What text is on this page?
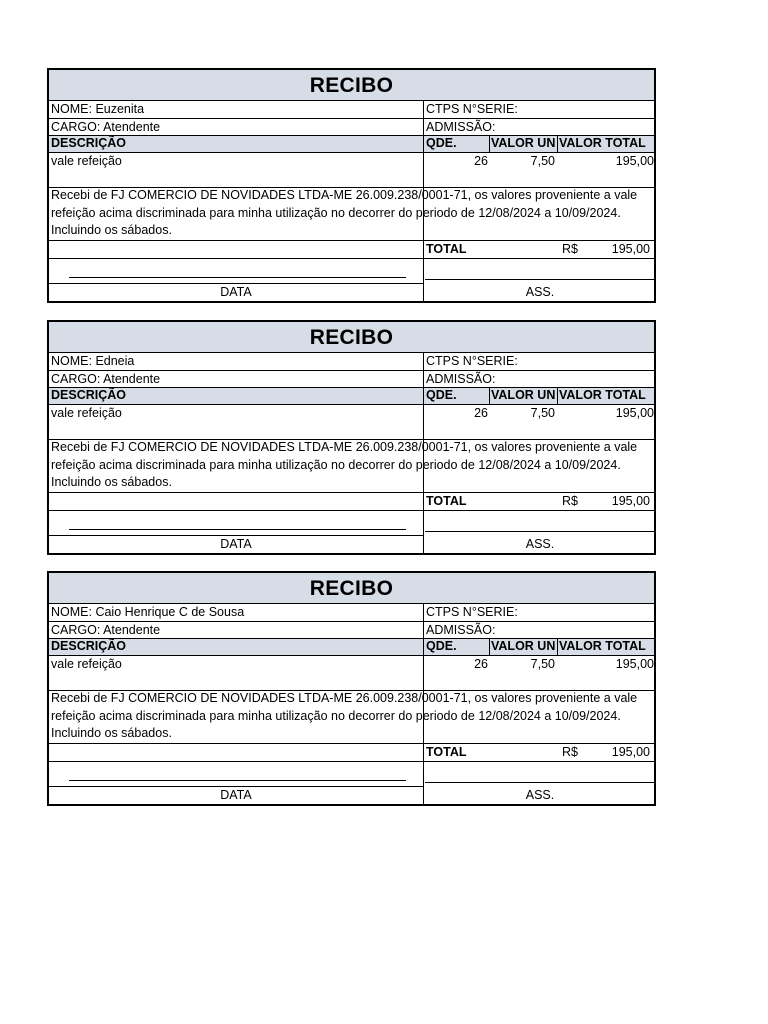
RECIBO
NOME: Euzenita	CTPS N°SERIE:
CARGO: Atendente	ADMISSÃO:
DESCRIÇÃO	QDE.	VALOR UN VALOR TOTAL
vale refeição	26	7,50	195,00
Recebi de FJ COMERCIO DE NOVIDADES LTDA-ME 26.009.238/0001-71, os valores proveniente a vale refeição acima discriminada para minha utilização no decorrer do periodo de 12/08/2024 a 10/09/2024. Incluindo os sábados.
TOTAL	R$	195,00
DATA	ASS.
RECIBO
NOME: Edneia	CTPS N°SERIE:
CARGO: Atendente	ADMISSÃO:
DESCRIÇÃO	QDE.	VALOR UN VALOR TOTAL
vale refeição	26	7,50	195,00
Recebi de FJ COMERCIO DE NOVIDADES LTDA-ME 26.009.238/0001-71, os valores proveniente a vale refeição acima discriminada para minha utilização no decorrer do periodo de 12/08/2024 a 10/09/2024. Incluindo os sábados.
TOTAL	R$	195,00
DATA	ASS.
RECIBO
NOME: Caio Henrique C de Sousa	CTPS N°SERIE:
CARGO: Atendente	ADMISSÃO:
DESCRIÇÃO	QDE.	VALOR UN VALOR TOTAL
vale refeição	26	7,50	195,00
Recebi de FJ COMERCIO DE NOVIDADES LTDA-ME 26.009.238/0001-71, os valores proveniente a vale refeição acima discriminada para minha utilização no decorrer do periodo de 12/08/2024 a 10/09/2024. Incluindo os sábados.
TOTAL	R$	195,00
DATA	ASS.
